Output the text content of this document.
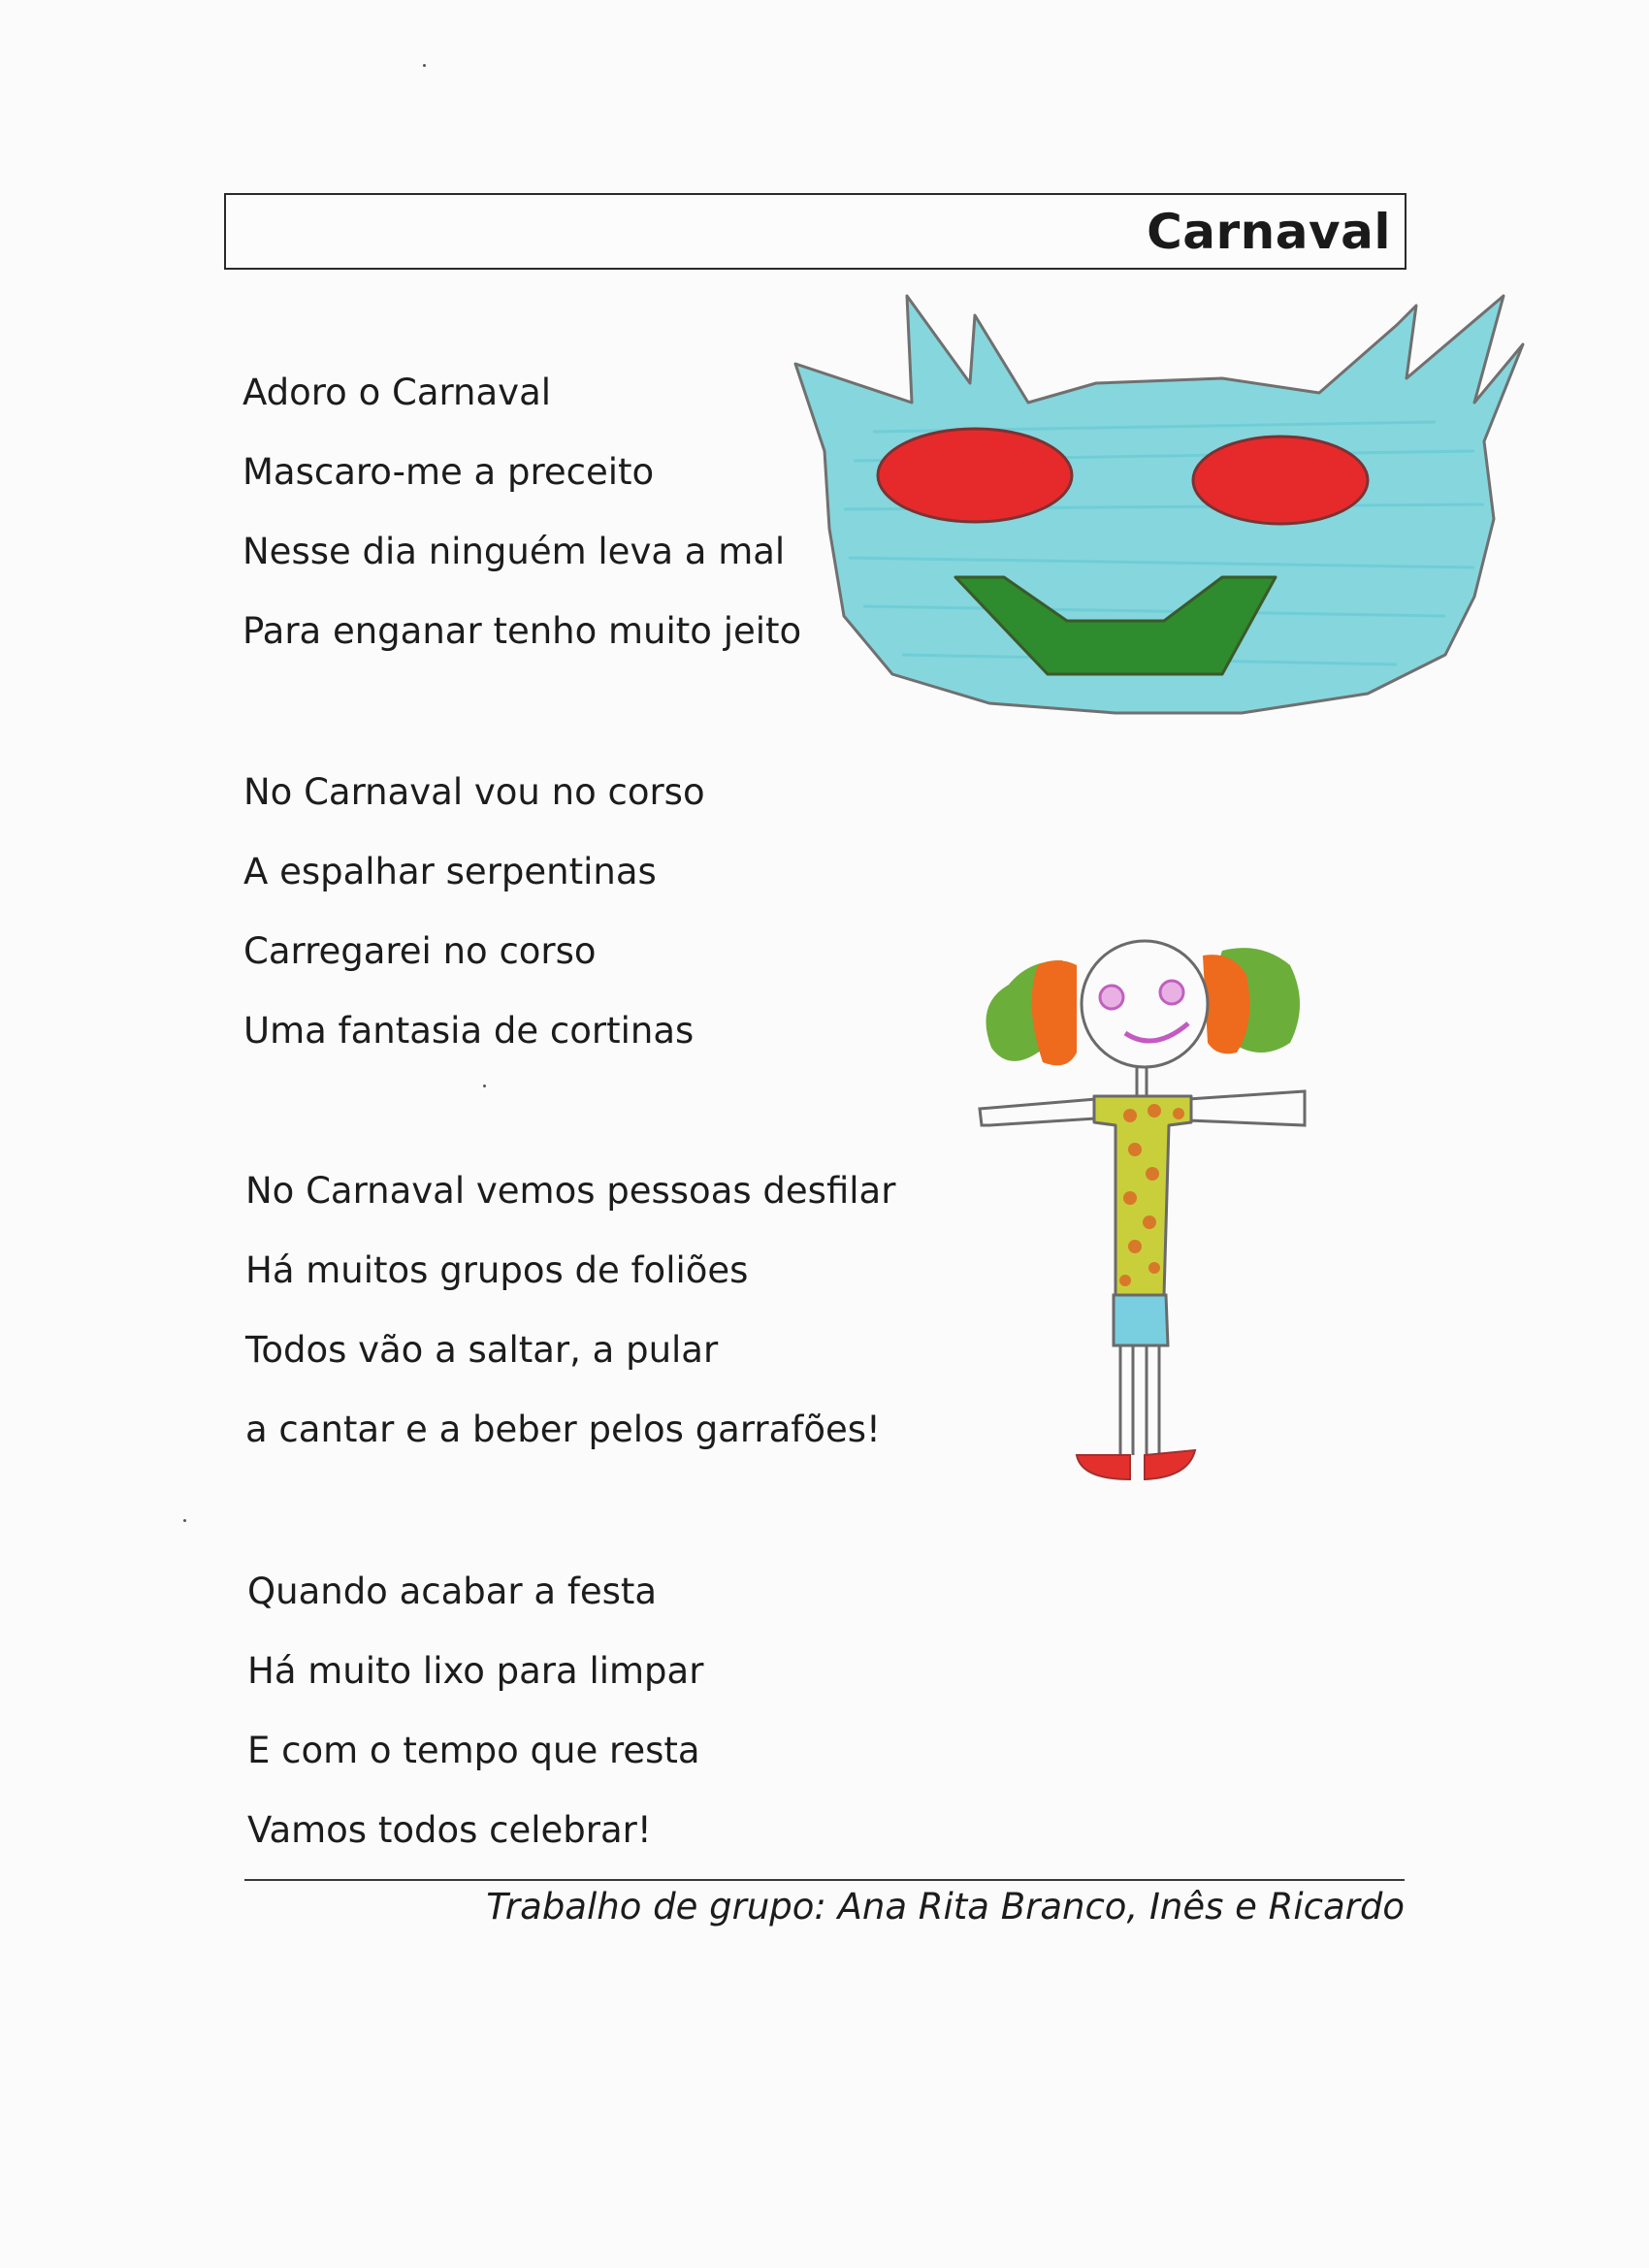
Carnaval
Adoro o Carnaval
Mascaro-me a preceito
Nesse dia ninguém leva a mal
Para enganar tenho muito jeito
No Carnaval vou no corso
A espalhar serpentinas
Carregarei no corso
Uma fantasia de cortinas
No Carnaval vemos pessoas desfilar
Há muitos grupos de foliões
Todos vão a saltar, a pular
a cantar e a beber pelos garrafões!
Quando acabar a festa
Há muito lixo para limpar
E com o tempo que resta
Vamos todos celebrar!
Trabalho de grupo: Ana Rita Branco, Inês e Ricardo
